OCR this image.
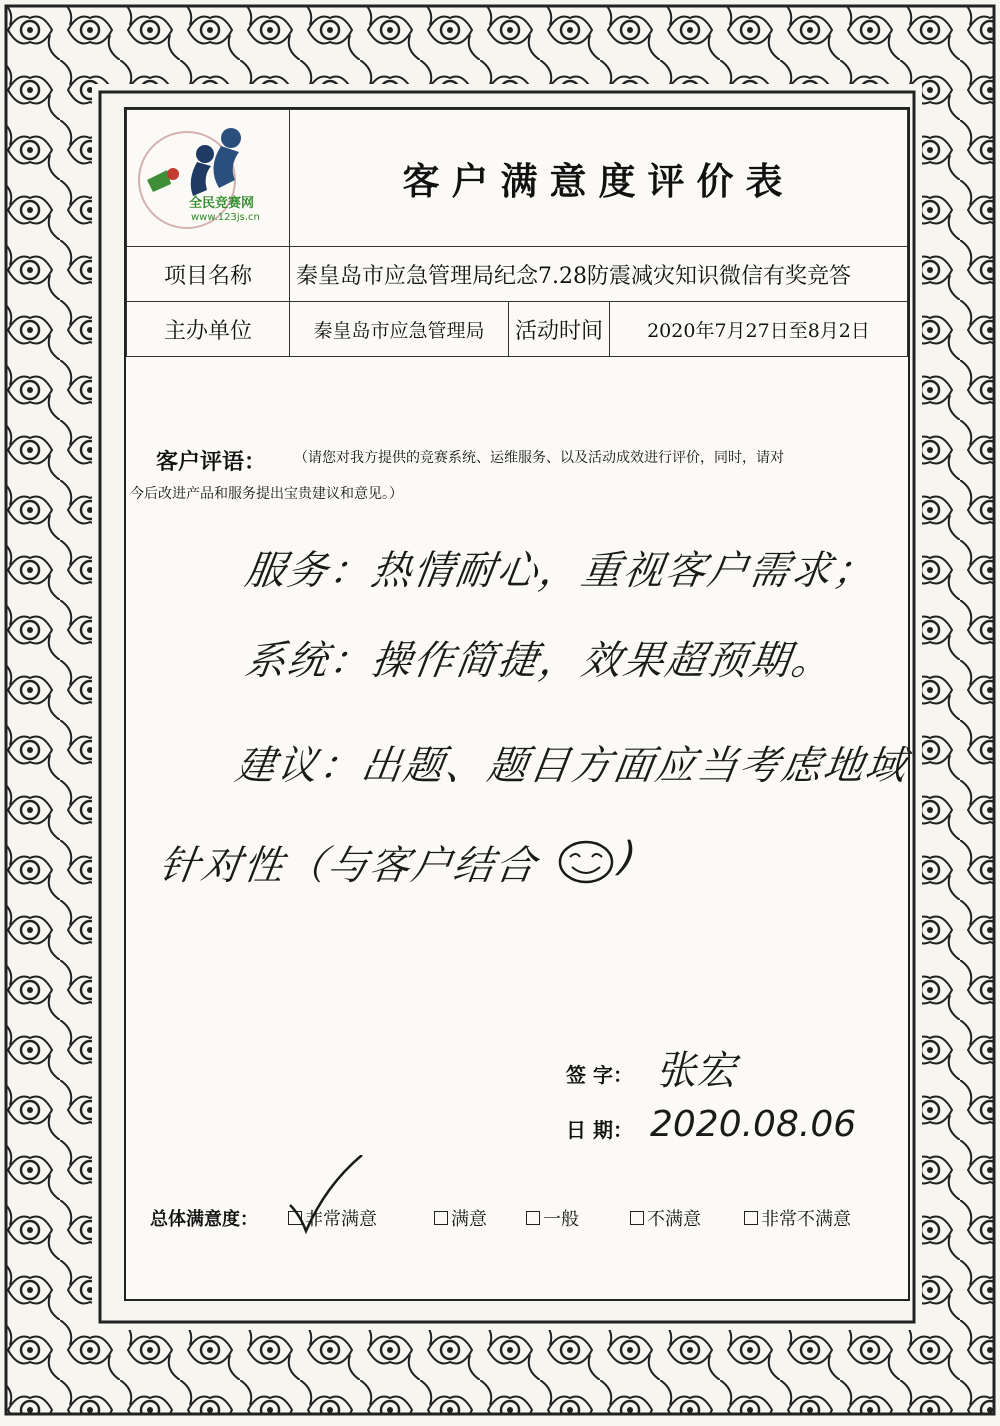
全民竞赛网
www.123js.cn	客户满意度评价表		
项目名称	秦皇岛市应急管理局纪念7.28防震减灾知识微信有奖竞答		
主办单位	秦皇岛市应急管理局	活动时间	2020年7月27日至8月2日
客户评语： （请您对我方提供的竞赛系统、运维服务、以及活动成效进行评价，同时，请对
今后改进产品和服务提出宝贵建议和意见。）
服务：热情耐心，重视客户需求；
系统：操作简捷，效果超预期。
建议：出题、题目方面应当考虑地域
针对性（与客户结合 )
签 字： 张宏
日 期： 2020.08.06
总体满意度：	非常满意	满意	一般	不满意	非常不满意
